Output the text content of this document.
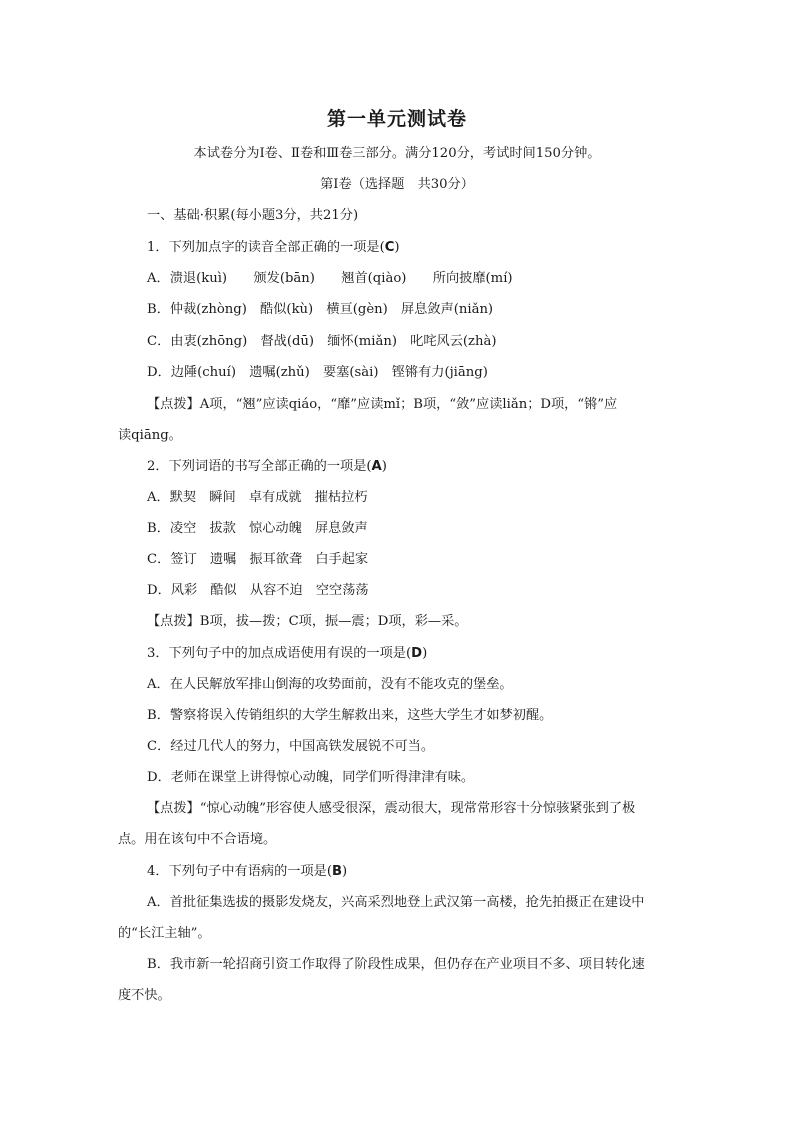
第一单元测试卷
本试卷分为Ⅰ卷、Ⅱ卷和Ⅲ卷三部分。满分120分，考试时间150分钟。
第Ⅰ卷（选择题　共30分）
一、基础·积累(每小题3分，共21分)
1．下列加点字的读音全部正确的一项是(C)
A．溃退(kuì)　　颁发(bān)　　翘首(qiào)　　所向披靡(mí)
B．仲裁(zhòng)　酷似(kù)　横亘(gèn)　屏息敛声(niǎn)
C．由衷(zhōng)　督战(dū)　缅怀(miǎn)　叱咤风云(zhà)
D．边陲(chuí)　遗嘱(zhǔ)　要塞(sài)　铿锵有力(jiāng)
【点拨】A项，“翘”应读qiáo，“靡”应读mǐ；B项，“敛”应读liǎn；D项，“锵”应
读qiāng。
2．下列词语的书写全部正确的一项是(A)
A．默契　瞬间　卓有成就　摧枯拉朽
B．凌空　拔款　惊心动魄　屏息敛声
C．签订　遗嘱　振耳欲聋　白手起家
D．风彩　酷似　从容不迫　空空荡荡
【点拨】B项，拔—拨；C项，振—震；D项，彩—采。
3．下列句子中的加点成语使用有误的一项是(D)
A．在人民解放军排山倒海的攻势面前，没有不能攻克的堡垒。
B．警察将误入传销组织的大学生解救出来，这些大学生才如梦初醒。
C．经过几代人的努力，中国高铁发展锐不可当。
D．老师在课堂上讲得惊心动魄，同学们听得津津有味。
【点拨】“惊心动魄”形容使人感受很深，震动很大，现常常形容十分惊骇紧张到了极
点。用在该句中不合语境。
4．下列句子中有语病的一项是(B)
A．首批征集选拔的摄影发烧友，兴高采烈地登上武汉第一高楼，抢先拍摄正在建设中
的“长江主轴”。
B．我市新一轮招商引资工作取得了阶段性成果，但仍存在产业项目不多、项目转化速
度不快。
